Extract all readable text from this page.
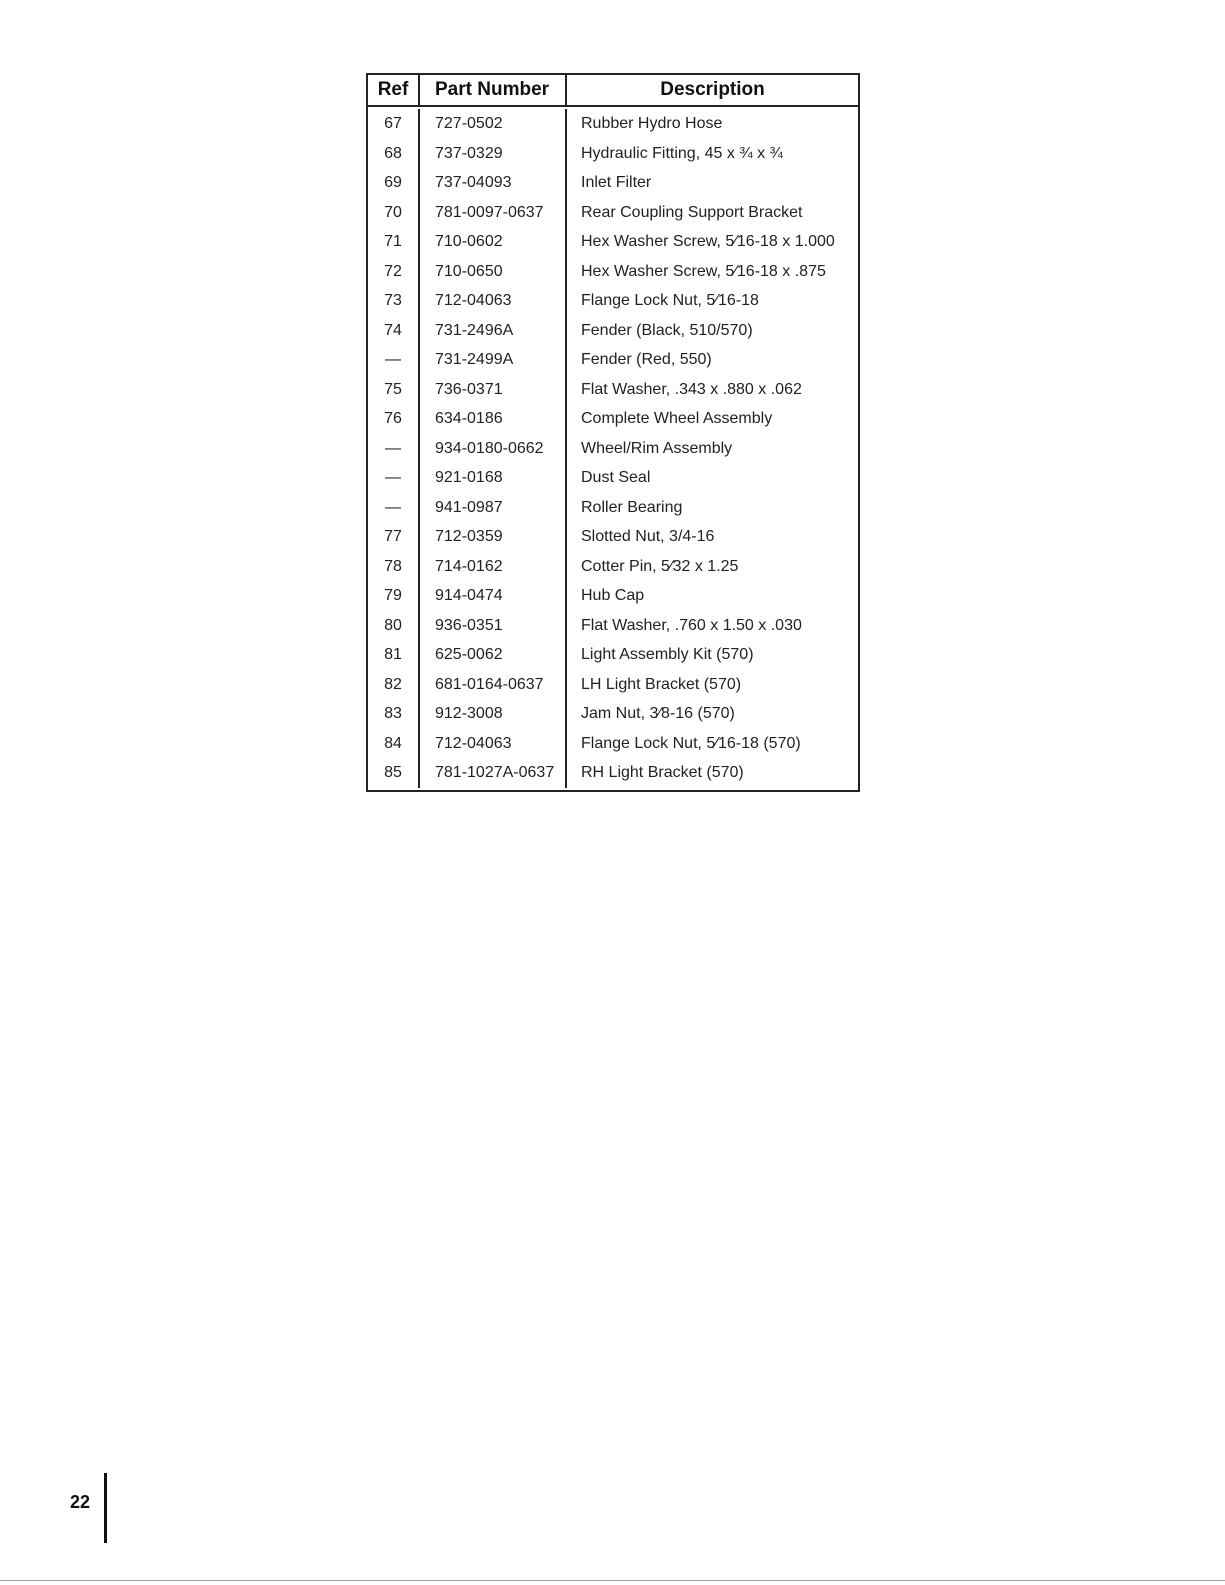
Ref	Part Number	Description
67	727-0502	Rubber Hydro Hose
68	737-0329	Hydraulic Fitting, 45 x ¾ x ¾
69	737-04093	Inlet Filter
70	781-0097-0637	Rear Coupling Support Bracket
71	710-0602	Hex Washer Screw, 5⁄16-18 x 1.000
72	710-0650	Hex Washer Screw, 5⁄16-18 x .875
73	712-04063	Flange Lock Nut, 5⁄16-18
74	731-2496A	Fender (Black, 510/570)
—	731-2499A	Fender (Red, 550)
75	736-0371	Flat Washer, .343 x .880 x .062
76	634-0186	Complete Wheel Assembly
—	934-0180-0662	Wheel/Rim Assembly
—	921-0168	Dust Seal
—	941-0987	Roller Bearing
77	712-0359	Slotted Nut, 3/4-16
78	714-0162	Cotter Pin, 5⁄32 x 1.25
79	914-0474	Hub Cap
80	936-0351	Flat Washer, .760 x 1.50 x .030
81	625-0062	Light Assembly Kit (570)
82	681-0164-0637	LH Light Bracket (570)
83	912-3008	Jam Nut, 3⁄8-16 (570)
84	712-04063	Flange Lock Nut, 5⁄16-18 (570)
85	781-1027A-0637	RH Light Bracket (570)
22
